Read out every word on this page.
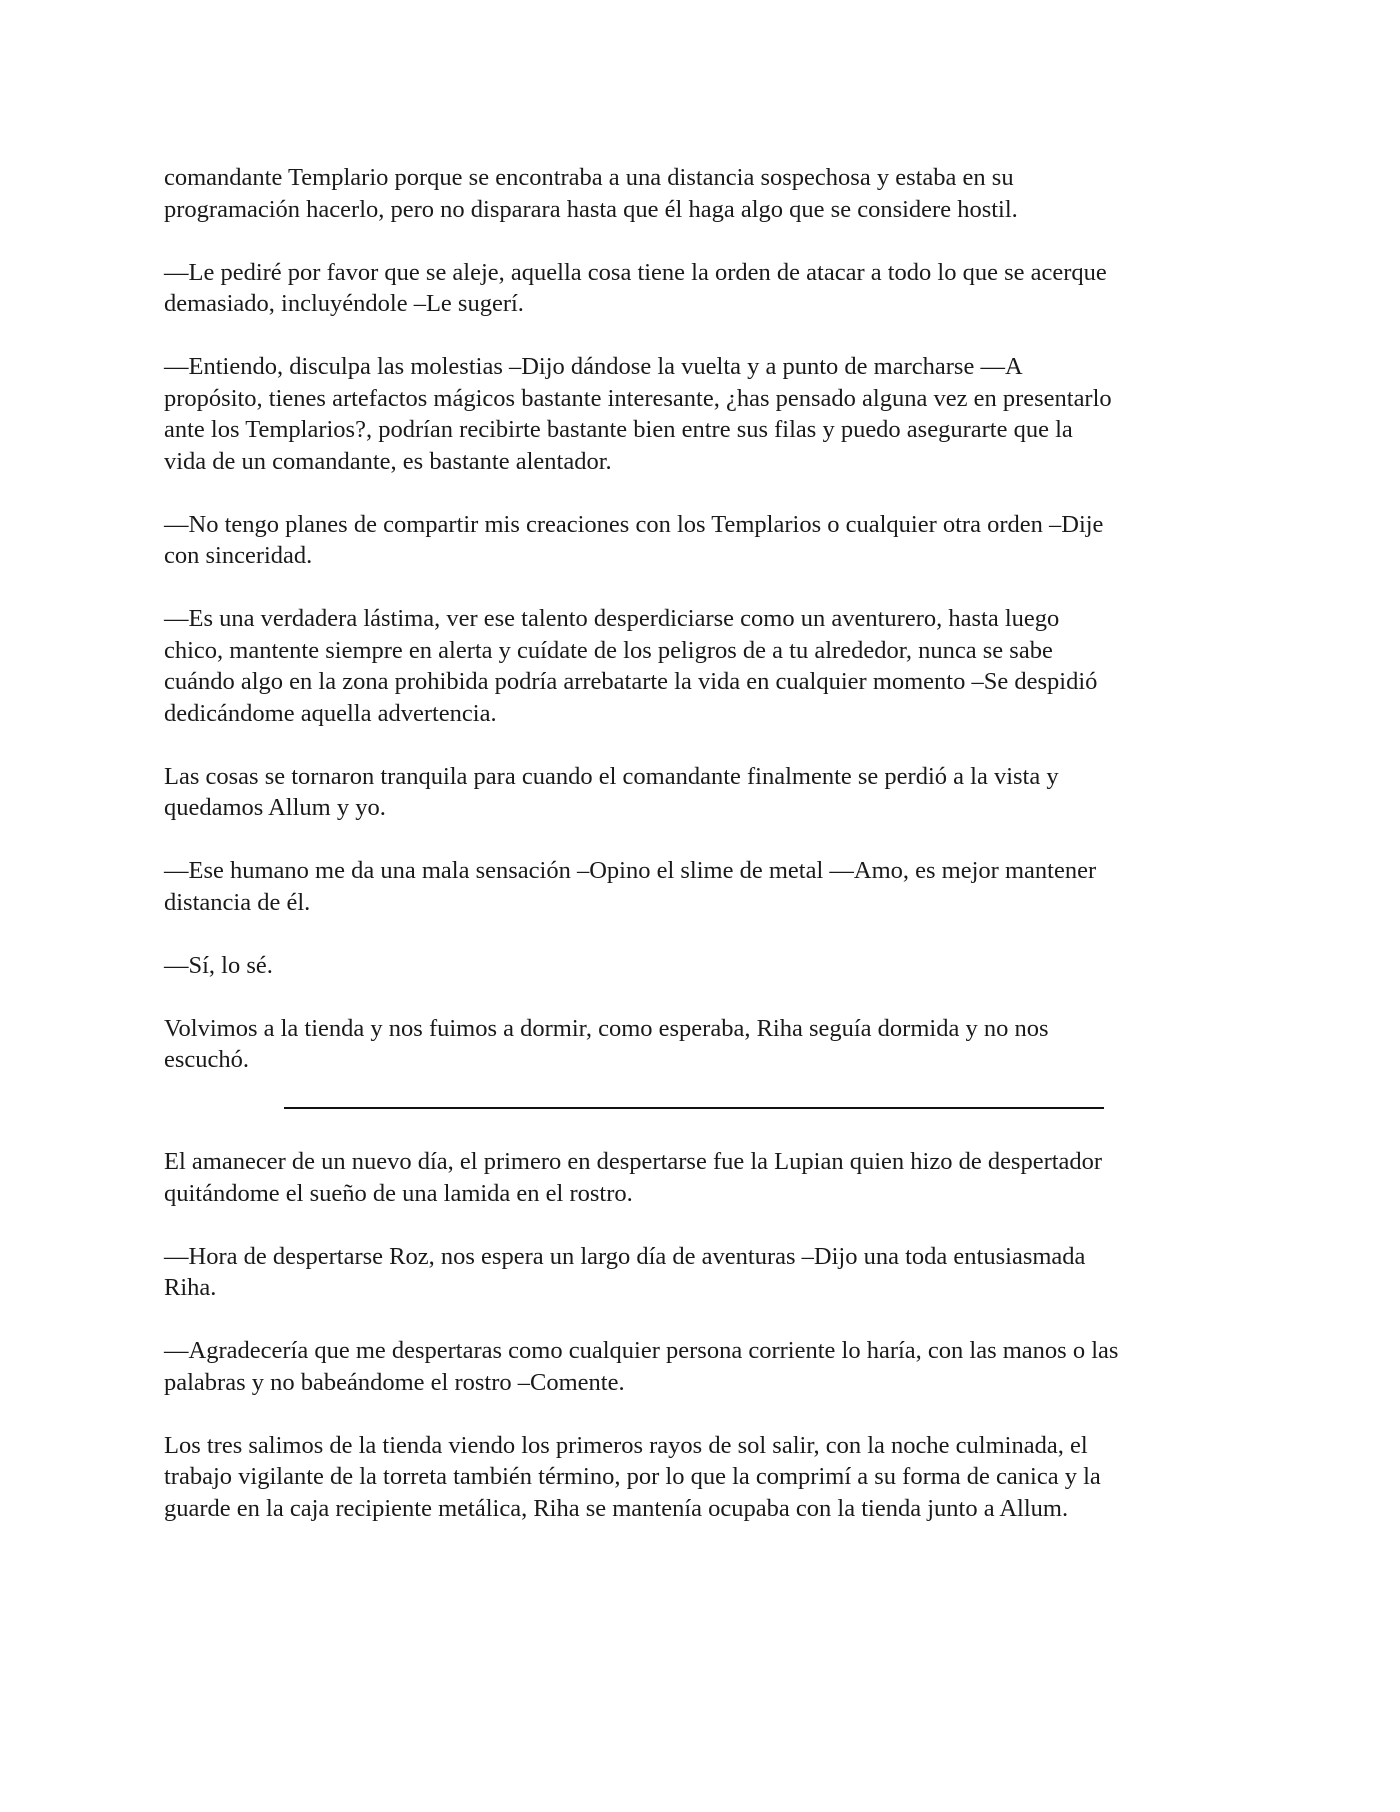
comandante Templario porque se encontraba a una distancia sospechosa y estaba en su
programación hacerlo, pero no disparara hasta que él haga algo que se considere hostil.

—Le pediré por favor que se aleje, aquella cosa tiene la orden de atacar a todo lo que se acerque
demasiado, incluyéndole –Le sugerí.

—Entiendo, disculpa las molestias –Dijo dándose la vuelta y a punto de marcharse —A
propósito, tienes artefactos mágicos bastante interesante, ¿has pensado alguna vez en presentarlo
ante los Templarios?, podrían recibirte bastante bien entre sus filas y puedo asegurarte que la
vida de un comandante, es bastante alentador.

—No tengo planes de compartir mis creaciones con los Templarios o cualquier otra orden –Dije
con sinceridad.

—Es una verdadera lástima, ver ese talento desperdiciarse como un aventurero, hasta luego
chico, mantente siempre en alerta y cuídate de los peligros de a tu alrededor, nunca se sabe
cuándo algo en la zona prohibida podría arrebatarte la vida en cualquier momento –Se despidió
dedicándome aquella advertencia.

Las cosas se tornaron tranquila para cuando el comandante finalmente se perdió a la vista y
quedamos Allum y yo.

—Ese humano me da una mala sensación –Opino el slime de metal —Amo, es mejor mantener
distancia de él.

—Sí, lo sé.

Volvimos a la tienda y nos fuimos a dormir, como esperaba, Riha seguía dormida y no nos
escuchó.

El amanecer de un nuevo día, el primero en despertarse fue la Lupian quien hizo de despertador
quitándome el sueño de una lamida en el rostro.

—Hora de despertarse Roz, nos espera un largo día de aventuras –Dijo una toda entusiasmada
Riha.

—Agradecería que me despertaras como cualquier persona corriente lo haría, con las manos o las
palabras y no babeándome el rostro –Comente.

Los tres salimos de la tienda viendo los primeros rayos de sol salir, con la noche culminada, el
trabajo vigilante de la torreta también término, por lo que la comprimí a su forma de canica y la
guarde en la caja recipiente metálica, Riha se mantenía ocupaba con la tienda junto a Allum.
